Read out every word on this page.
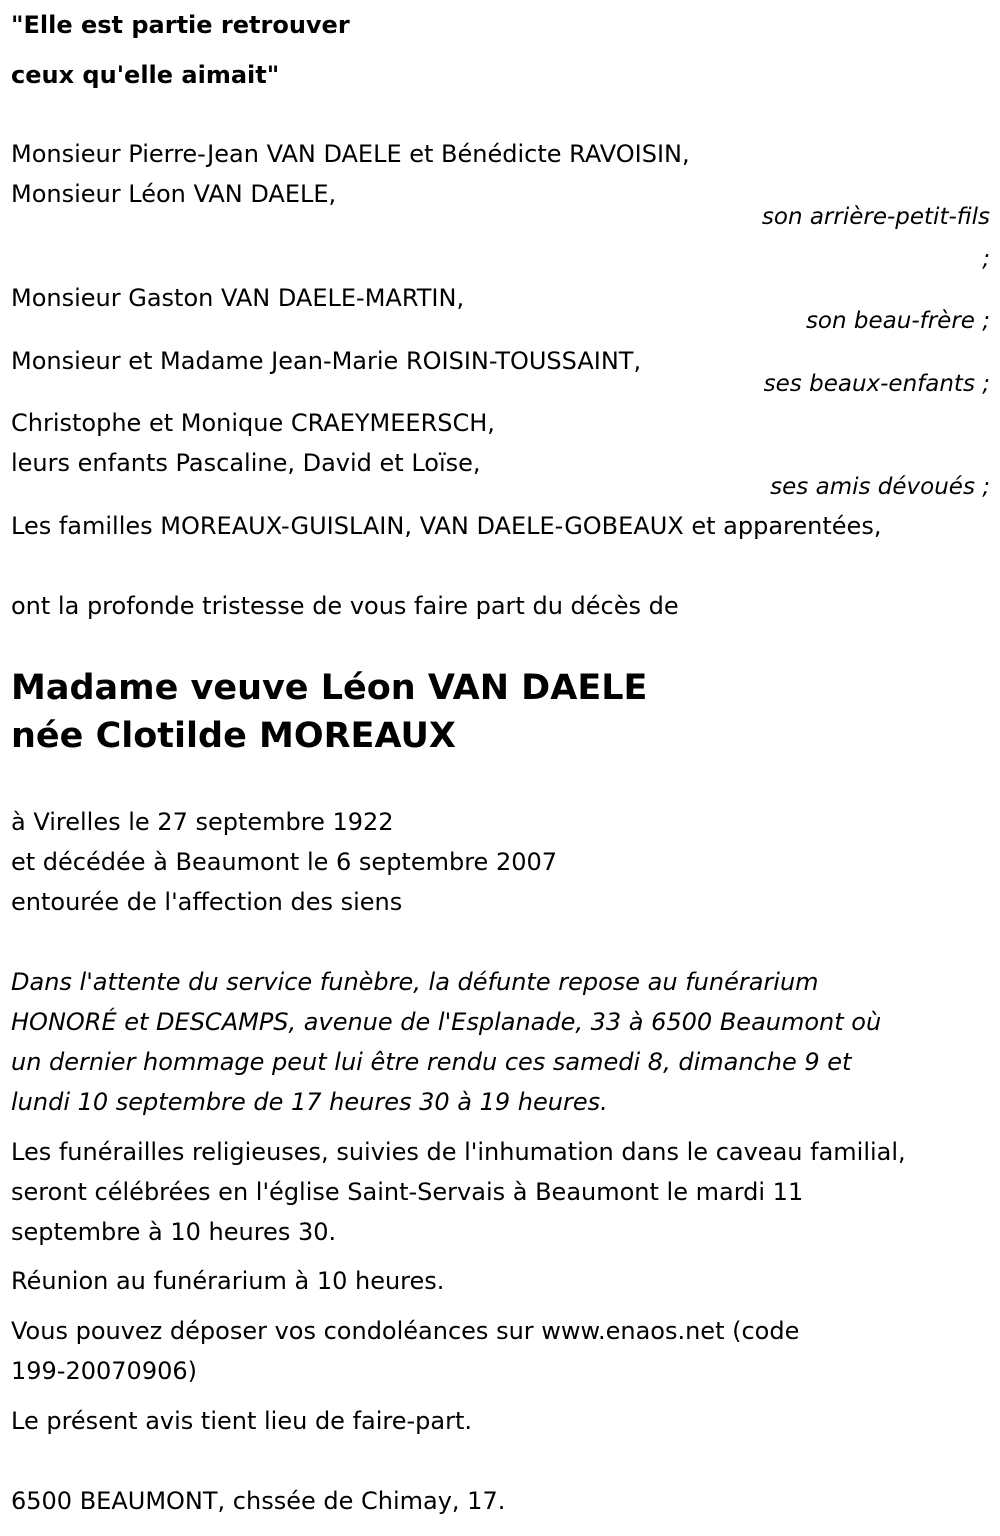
"Elle est partie retrouver
ceux qu'elle aimait"
Monsieur Pierre-Jean VAN DAELE et Bénédicte RAVOISIN,
Monsieur Léon VAN DAELE,
son arrière-petit-fils
;
Monsieur Gaston VAN DAELE-MARTIN,
son beau-frère ;
Monsieur et Madame Jean-Marie ROISIN-TOUSSAINT,
ses beaux-enfants ;
Christophe et Monique CRAEYMEERSCH,
leurs enfants Pascaline, David et Loïse,
ses amis dévoués ;
Les familles MOREAUX-GUISLAIN, VAN DAELE-GOBEAUX et apparentées,
ont la profonde tristesse de vous faire part du décès de
Madame veuve Léon VAN DAELE
née Clotilde MOREAUX
à Virelles le 27 septembre 1922
et décédée à Beaumont le 6 septembre 2007
entourée de l'affection des siens
Dans l'attente du service funèbre, la défunte repose au funérarium
HONORÉ et DESCAMPS, avenue de l'Esplanade, 33 à 6500 Beaumont où
un dernier hommage peut lui être rendu ces samedi 8, dimanche 9 et
lundi 10 septembre de 17 heures 30 à 19 heures.
Les funérailles religieuses, suivies de l'inhumation dans le caveau familial,
seront célébrées en l'église Saint-Servais à Beaumont le mardi 11
septembre à 10 heures 30.
Réunion au funérarium à 10 heures.
Vous pouvez déposer vos condoléances sur www.enaos.net (code
199-20070906)
Le présent avis tient lieu de faire-part.
6500 BEAUMONT, chssée de Chimay, 17.
